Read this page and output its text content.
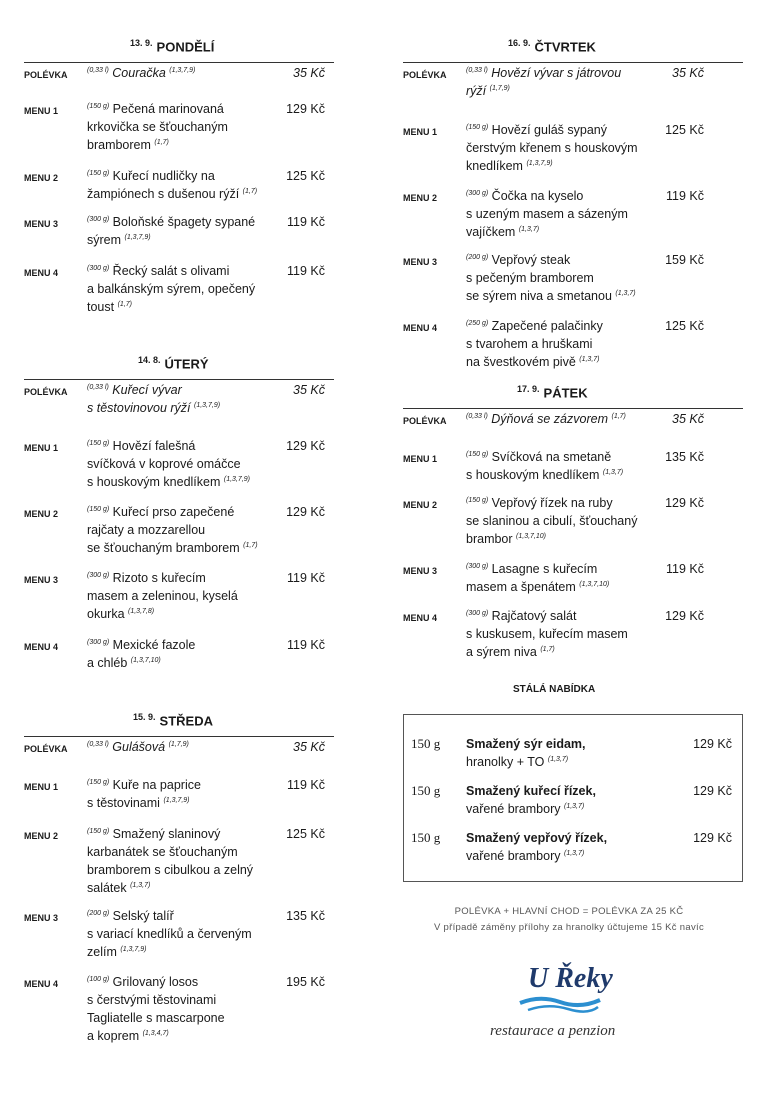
$^{13. 9.}$ PONDĚLÍ
POLÉVKA	$^{(0,33 l)}$ Couračka $^{(1,3,7,9)}$	35 Kč
MENU 1	$^{(150 g)}$ Pečená marinovaná
krkovička se šťouchaným
bramborem $^{(1,7)}$
129 Kč
MENU 2	$^{(150 g)}$ Kuřecí nudličky na
žampiónech s dušenou rýží $^{(1,7)}$
125 Kč
MENU 3	$^{(300 g)}$ Boloňské špagety sypané
sýrem $^{(1,3,7,9)}$
119 Kč
MENU 4	$^{(300 g)}$ Řecký salát s olivami
a balkánským sýrem, opečený
toust $^{(1,7)}$
119 Kč
$^{14. 8.}$ ÚTERÝ
POLÉVKA	$^{(0,33 l)}$ Kuřecí vývar
s těstovinovou rýží $^{(1,3,7,9)}$
35 Kč
MENU 1	$^{(150 g)}$ Hovězí falešná
svíčková v koprové omáčce
s houskovým knedlíkem $^{(1,3,7,9)}$
129 Kč
MENU 2	$^{(150 g)}$ Kuřecí prso zapečené
rajčaty a mozzarellou
se šťouchaným bramborem $^{(1,7)}$
129 Kč
MENU 3	$^{(300 g)}$ Rizoto s kuřecím
masem a zeleninou, kyselá
okurka $^{(1,3,7,8)}$
119 Kč
MENU 4	$^{(300 g)}$ Mexické fazole
a chléb $^{(1,3,7,10)}$
119 Kč
$^{15. 9.}$ STŘEDA
POLÉVKA	$^{(0,33 l)}$ Gulášová $^{(1,7,9)}$	35 Kč
MENU 1	$^{(150 g)}$ Kuře na paprice
s těstovinami $^{(1,3,7,9)}$
119 Kč
MENU 2	$^{(150 g)}$ Smažený slaninový
karbanátek se šťouchaným
bramborem s cibulkou a zelný
salátek $^{(1,3,7)}$
125 Kč
MENU 3	$^{(200 g)}$ Selský talíř
s variací knedlíků a červeným
zelím $^{(1,3,7,9)}$
135 Kč
MENU 4	$^{(100 g)}$ Grilovaný losos
s čerstvými těstovinami
Tagliatelle s mascarpone
a koprem $^{(1,3,4,7)}$
195 Kč
$^{16. 9.}$ ČTVRTEK
POLÉVKA	$^{(0,33 l)}$ Hovězí vývar s játrovou
rýží $^{(1,7,9)}$
35 Kč
MENU 1	$^{(150 g)}$ Hovězí guláš sypaný
čerstvým křenem s houskovým
knedlíkem $^{(1,3,7,9)}$
125 Kč
MENU 2	$^{(300 g)}$ Čočka na kyselo
s uzeným masem a sázeným
vajíčkem $^{(1,3,7)}$
119 Kč
MENU 3	$^{(200 g)}$ Vepřový steak
s pečeným bramborem
se sýrem niva a smetanou $^{(1,3,7)}$
159 Kč
MENU 4	$^{(250 g)}$ Zapečené palačinky
s tvarohem a hruškami
na švestkovém pivě $^{(1,3,7)}$
125 Kč
$^{17. 9.}$ PÁTEK
POLÉVKA	$^{(0,33 l)}$ Dýňová se zázvorem $^{(1,7)}$	35 Kč
MENU 1	$^{(150 g)}$ Svíčková na smetaně
s houskovým knedlíkem $^{(1,3,7)}$
135 Kč
MENU 2	$^{(150 g)}$ Vepřový řízek na ruby
se slaninou a cibulí, šťouchaný
brambor $^{(1,3,7,10)}$
129 Kč
MENU 3	$^{(300 g)}$ Lasagne s kuřecím
masem a špenátem $^{(1,3,7,10)}$
119 Kč
MENU 4	$^{(300 g)}$ Rajčatový salát
s kuskusem, kuřecím masem
a sýrem niva $^{(1,7)}$
129 Kč
STÁLÁ NABÍDKA
150 g Smažený sýr eidam,
hranolky + TO $^{(1,3,7)}$
129 Kč
150 g Smažený kuřecí řízek,
vařené brambory $^{(1,3,7)}$
129 Kč
150 g Smažený vepřový řízek,
vařené brambory $^{(1,3,7)}$
129 Kč
POLÉVKA + HLAVNÍ CHOD = POLÉVKA ZA 25 KČ
V případě záměny přílohy za hranolky účtujeme 15 Kč navíc
U Řeky
restaurace a penzion
